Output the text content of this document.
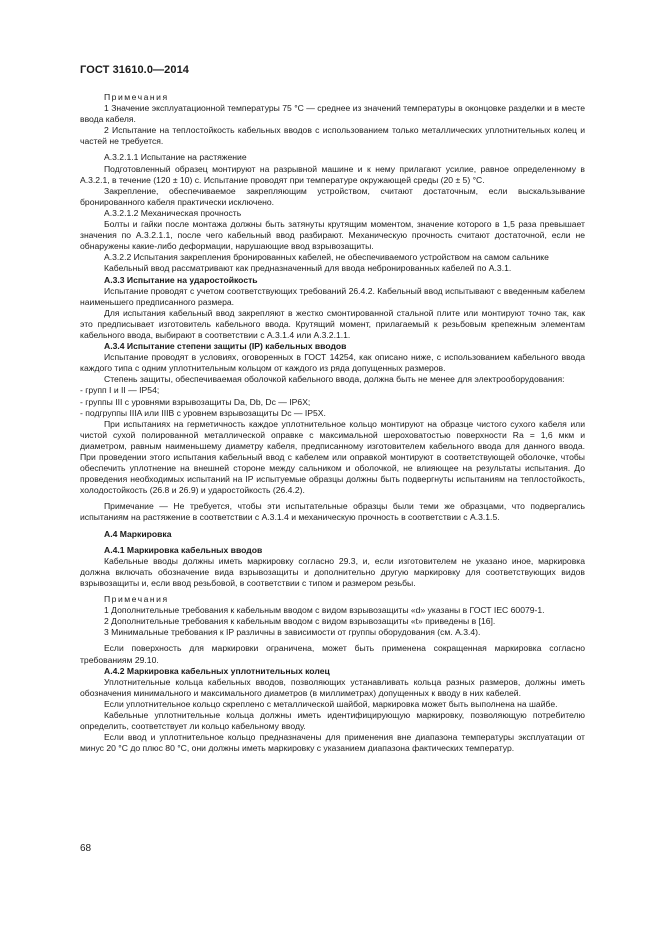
ГОСТ 31610.0—2014

Примечания

1 Значение эксплуатационной температуры 75 °С — среднее из значений температуры в оконцовке разделки и в месте ввода кабеля.

2 Испытание на теплостойкость кабельных вводов с использованием только металлических уплотнительных колец и частей не требуется.

А.3.2.1.1 Испытание на растяжение

Подготовленный образец монтируют на разрывной машине и к нему прилагают усилие, равное определенному в А.3.2.1, в течение (120 ± 10) с. Испытание проводят при температуре окружающей среды (20 ± 5) °С.

Закрепление, обеспечиваемое закрепляющим устройством, считают достаточным, если выскальзывание бронированного кабеля практически исключено.

А.3.2.1.2 Механическая прочность

Болты и гайки после монтажа должны быть затянуты крутящим моментом, значение которого в 1,5 раза превышает значения по А.3.2.1.1, после чего кабельный ввод разбирают. Механическую прочность считают достаточной, если не обнаружены какие-либо деформации, нарушающие ввод взрывозащиты.

А.3.2.2 Испытания закрепления бронированных кабелей, не обеспечиваемого устройством на самом сальнике

Кабельный ввод рассматривают как предназначенный для ввода небронированных кабелей по А.3.1.

А.3.3 Испытание на ударостойкость

Испытание проводят с учетом соответствующих требований 26.4.2. Кабельный ввод испытывают с введенным кабелем наименьшего предписанного размера.

Для испытания кабельный ввод закрепляют в жестко смонтированной стальной плите или монтируют точно так, как это предписывает изготовитель кабельного ввода. Крутящий момент, прилагаемый к резьбовым крепежным элементам кабельного ввода, выбирают в соответствии с А.3.1.4 или А.3.2.1.1.

А.3.4 Испытание степени защиты (IP) кабельных вводов

Испытание проводят в условиях, оговоренных в ГОСТ 14254, как описано ниже, с использованием кабельного ввода каждого типа с одним уплотнительным кольцом от каждого из ряда допущенных размеров.

Степень защиты, обеспечиваемая оболочкой кабельного ввода, должна быть не менее для электрооборудования:

- групп I и II — IP54;

- группы III с уровнями взрывозащиты Da, Db, Dc — IP6X;

- подгруппы IIIA или IIIB с уровнем взрывозащиты Dc — IP5X.

При испытаниях на герметичность каждое уплотнительное кольцо монтируют на образце чистого сухого кабеля или чистой сухой полированной металлической оправке с максимальной шероховатостью поверхности Ra = 1,6 мкм и диаметром, равным наименьшему диаметру кабеля, предписанному изготовителем кабельного ввода для данного ввода. При проведении этого испытания кабельный ввод с кабелем или оправкой монтируют в соответствующей оболочке, чтобы обеспечить уплотнение на внешней стороне между сальником и оболочкой, не влияющее на результаты испытания. До проведения необходимых испытаний на IP испытуемые образцы должны быть подвергнуты испытаниям на теплостойкость, холодостойкость (26.8 и 26.9) и ударостойкость (26.4.2).

Примечание — Не требуется, чтобы эти испытательные образцы были теми же образцами, что подвергались испытаниям на растяжение в соответствии с А.3.1.4 и механическую прочность в соответствии с А.3.1.5.

А.4 Маркировка

А.4.1 Маркировка кабельных вводов

Кабельные вводы должны иметь маркировку согласно 29.3, и, если изготовителем не указано иное, маркировка должна включать обозначение вида взрывозащиты и дополнительно другую маркировку для соответствующих видов взрывозащиты и, если ввод резьбовой, в соответствии с типом и размером резьбы.

Примечания

1 Дополнительные требования к кабельным вводом с видом взрывозащиты «d» указаны в ГОСТ IEC 60079-1.

2 Дополнительные требования к кабельным вводом с видом взрывозащиты «t» приведены в [16].

3 Минимальные требования к IP различны в зависимости от группы оборудования (см. А.3.4).

Если поверхность для маркировки ограничена, может быть применена сокращенная маркировка согласно требованиям 29.10.

А.4.2 Маркировка кабельных уплотнительных колец

Уплотнительные кольца кабельных вводов, позволяющих устанавливать кольца разных размеров, должны иметь обозначения минимального и максимального диаметров (в миллиметрах) допущенных к вводу в них кабелей.

Если уплотнительное кольцо скреплено с металлической шайбой, маркировка может быть выполнена на шайбе.

Кабельные уплотнительные кольца должны иметь идентифицирующую маркировку, позволяющую потребителю определить, соответствует ли кольцо кабельному вводу.

Если ввод и уплотнительное кольцо предназначены для применения вне диапазона температуры эксплуатации от минус 20 °С до плюс 80 °С, они должны иметь маркировку с указанием диапазона фактических температур.

68
